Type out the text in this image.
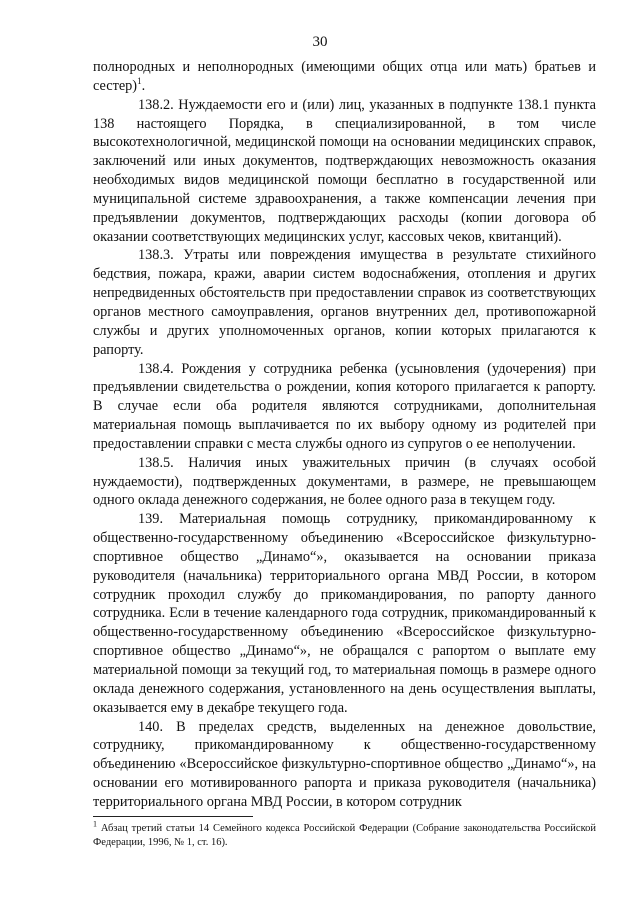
30

полнородных и неполнородных (имеющими общих отца или мать) братьев и сестер)$^1$.

138.2. Нуждаемости его и (или) лиц, указанных в подпункте 138.1 пункта 138 настоящего Порядка, в специализированной, в том числе высокотехнологичной, медицинской помощи на основании медицинских справок, заключений или иных документов, подтверждающих невозможность оказания необходимых видов медицинской помощи бесплатно в государственной или муниципальной системе здравоохранения, а также компенсации лечения при предъявлении документов, подтверждающих расходы (копии договора об оказании соответствующих медицинских услуг, кассовых чеков, квитанций).

138.3. Утраты или повреждения имущества в результате стихийного бедствия, пожара, кражи, аварии систем водоснабжения, отопления и других непредвиденных обстоятельств при предоставлении справок из соответствующих органов местного самоуправления, органов внутренних дел, противопожарной службы и других уполномоченных органов, копии которых прилагаются к рапорту.

138.4. Рождения у сотрудника ребенка (усыновления (удочерения) при предъявлении свидетельства о рождении, копия которого прилагается к рапорту. В случае если оба родителя являются сотрудниками, дополнительная материальная помощь выплачивается по их выбору одному из родителей при предоставлении справки с места службы одного из супругов о ее неполучении.

138.5. Наличия иных уважительных причин (в случаях особой нуждаемости), подтвержденных документами, в размере, не превышающем одного оклада денежного содержания, не более одного раза в текущем году.

139. Материальная помощь сотруднику, прикомандированному к общественно-государственному объединению «Всероссийское физкультурно-спортивное общество „Динамо“», оказывается на основании приказа руководителя (начальника) территориального органа МВД России, в котором сотрудник проходил службу до прикомандирования, по рапорту данного сотрудника. Если в течение календарного года сотрудник, прикомандированный к общественно-государственному объединению «Всероссийское физкультурно-спортивное общество „Динамо“», не обращался с рапортом о выплате ему материальной помощи за текущий год, то материальная помощь в размере одного оклада денежного содержания, установленного на день осуществления выплаты, оказывается ему в декабре текущего года.

140. В пределах средств, выделенных на денежное довольствие, сотруднику, прикомандированному к общественно-государственному объединению «Всероссийское физкультурно-спортивное общество „Динамо“», на основании его мотивированного рапорта и приказа руководителя (начальника) территориального органа МВД России, в котором сотрудник

$^1$ Абзац третий статьи 14 Семейного кодекса Российской Федерации (Собрание законодательства Российской Федерации, 1996, № 1, ст. 16).
